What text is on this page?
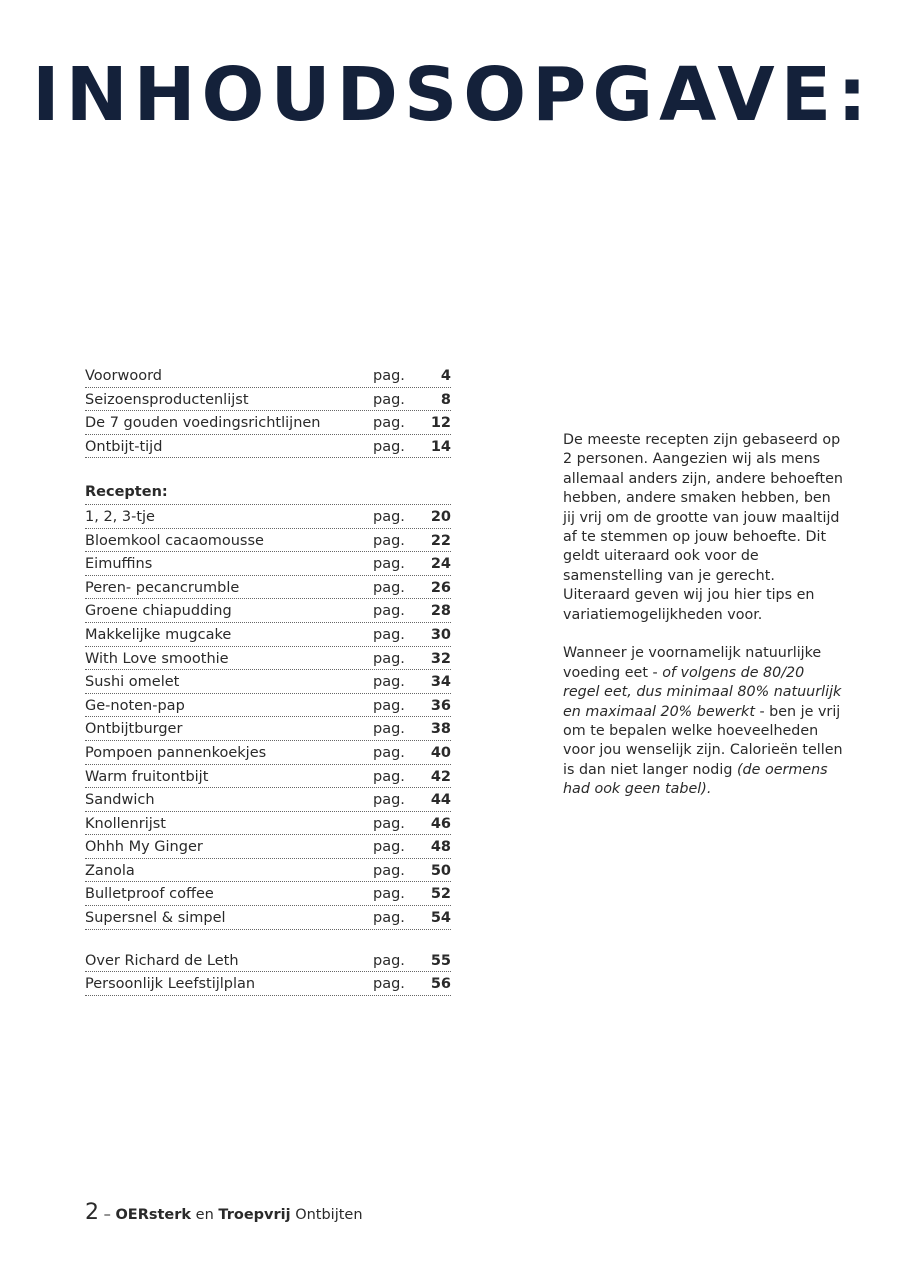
INHOUDSOPGAVE:
Voorwoord	pag.	4
Seizoensproductenlijst	pag.	8
De 7 gouden voedingsrichtlijnen	pag.	12
Ontbijt-tijd	pag.	14
Recepten:
1, 2, 3-tje	pag.	20
Bloemkool cacaomousse	pag.	22
Eimuffins	pag.	24
Peren- pecancrumble	pag.	26
Groene chiapudding	pag.	28
Makkelijke mugcake	pag.	30
With Love smoothie	pag.	32
Sushi omelet	pag.	34
Ge-noten-pap	pag.	36
Ontbijtburger	pag.	38
Pompoen pannenkoekjes	pag.	40
Warm fruitontbijt	pag.	42
Sandwich	pag.	44
Knollenrijst	pag.	46
Ohhh My Ginger	pag.	48
Zanola	pag.	50
Bulletproof coffee	pag.	52
Supersnel & simpel	pag.	54
Over Richard de Leth	pag.	55
Persoonlijk Leefstijlplan	pag.	56

De meeste recepten zijn gebaseerd op 2 personen. Aangezien wij als mens allemaal anders zijn, andere behoeften hebben, andere smaken hebben, ben jij vrij om de grootte van jouw maaltijd af te stemmen op jouw behoefte. Dit geldt uiteraard ook voor de samenstelling van je gerecht. Uiteraard geven wij jou hier tips en variatiemogelijkheden voor.

Wanneer je voornamelijk natuurlijke voeding eet - of volgens de 80/20 regel eet, dus minimaal 80% natuurlijk en maximaal 20% bewerkt - ben je vrij om te bepalen welke hoeveelheden voor jou wenselijk zijn. Calorieën tellen is dan niet langer nodig (de oermens had ook geen tabel).

2 – OERsterk en Troepvrij Ontbijten
